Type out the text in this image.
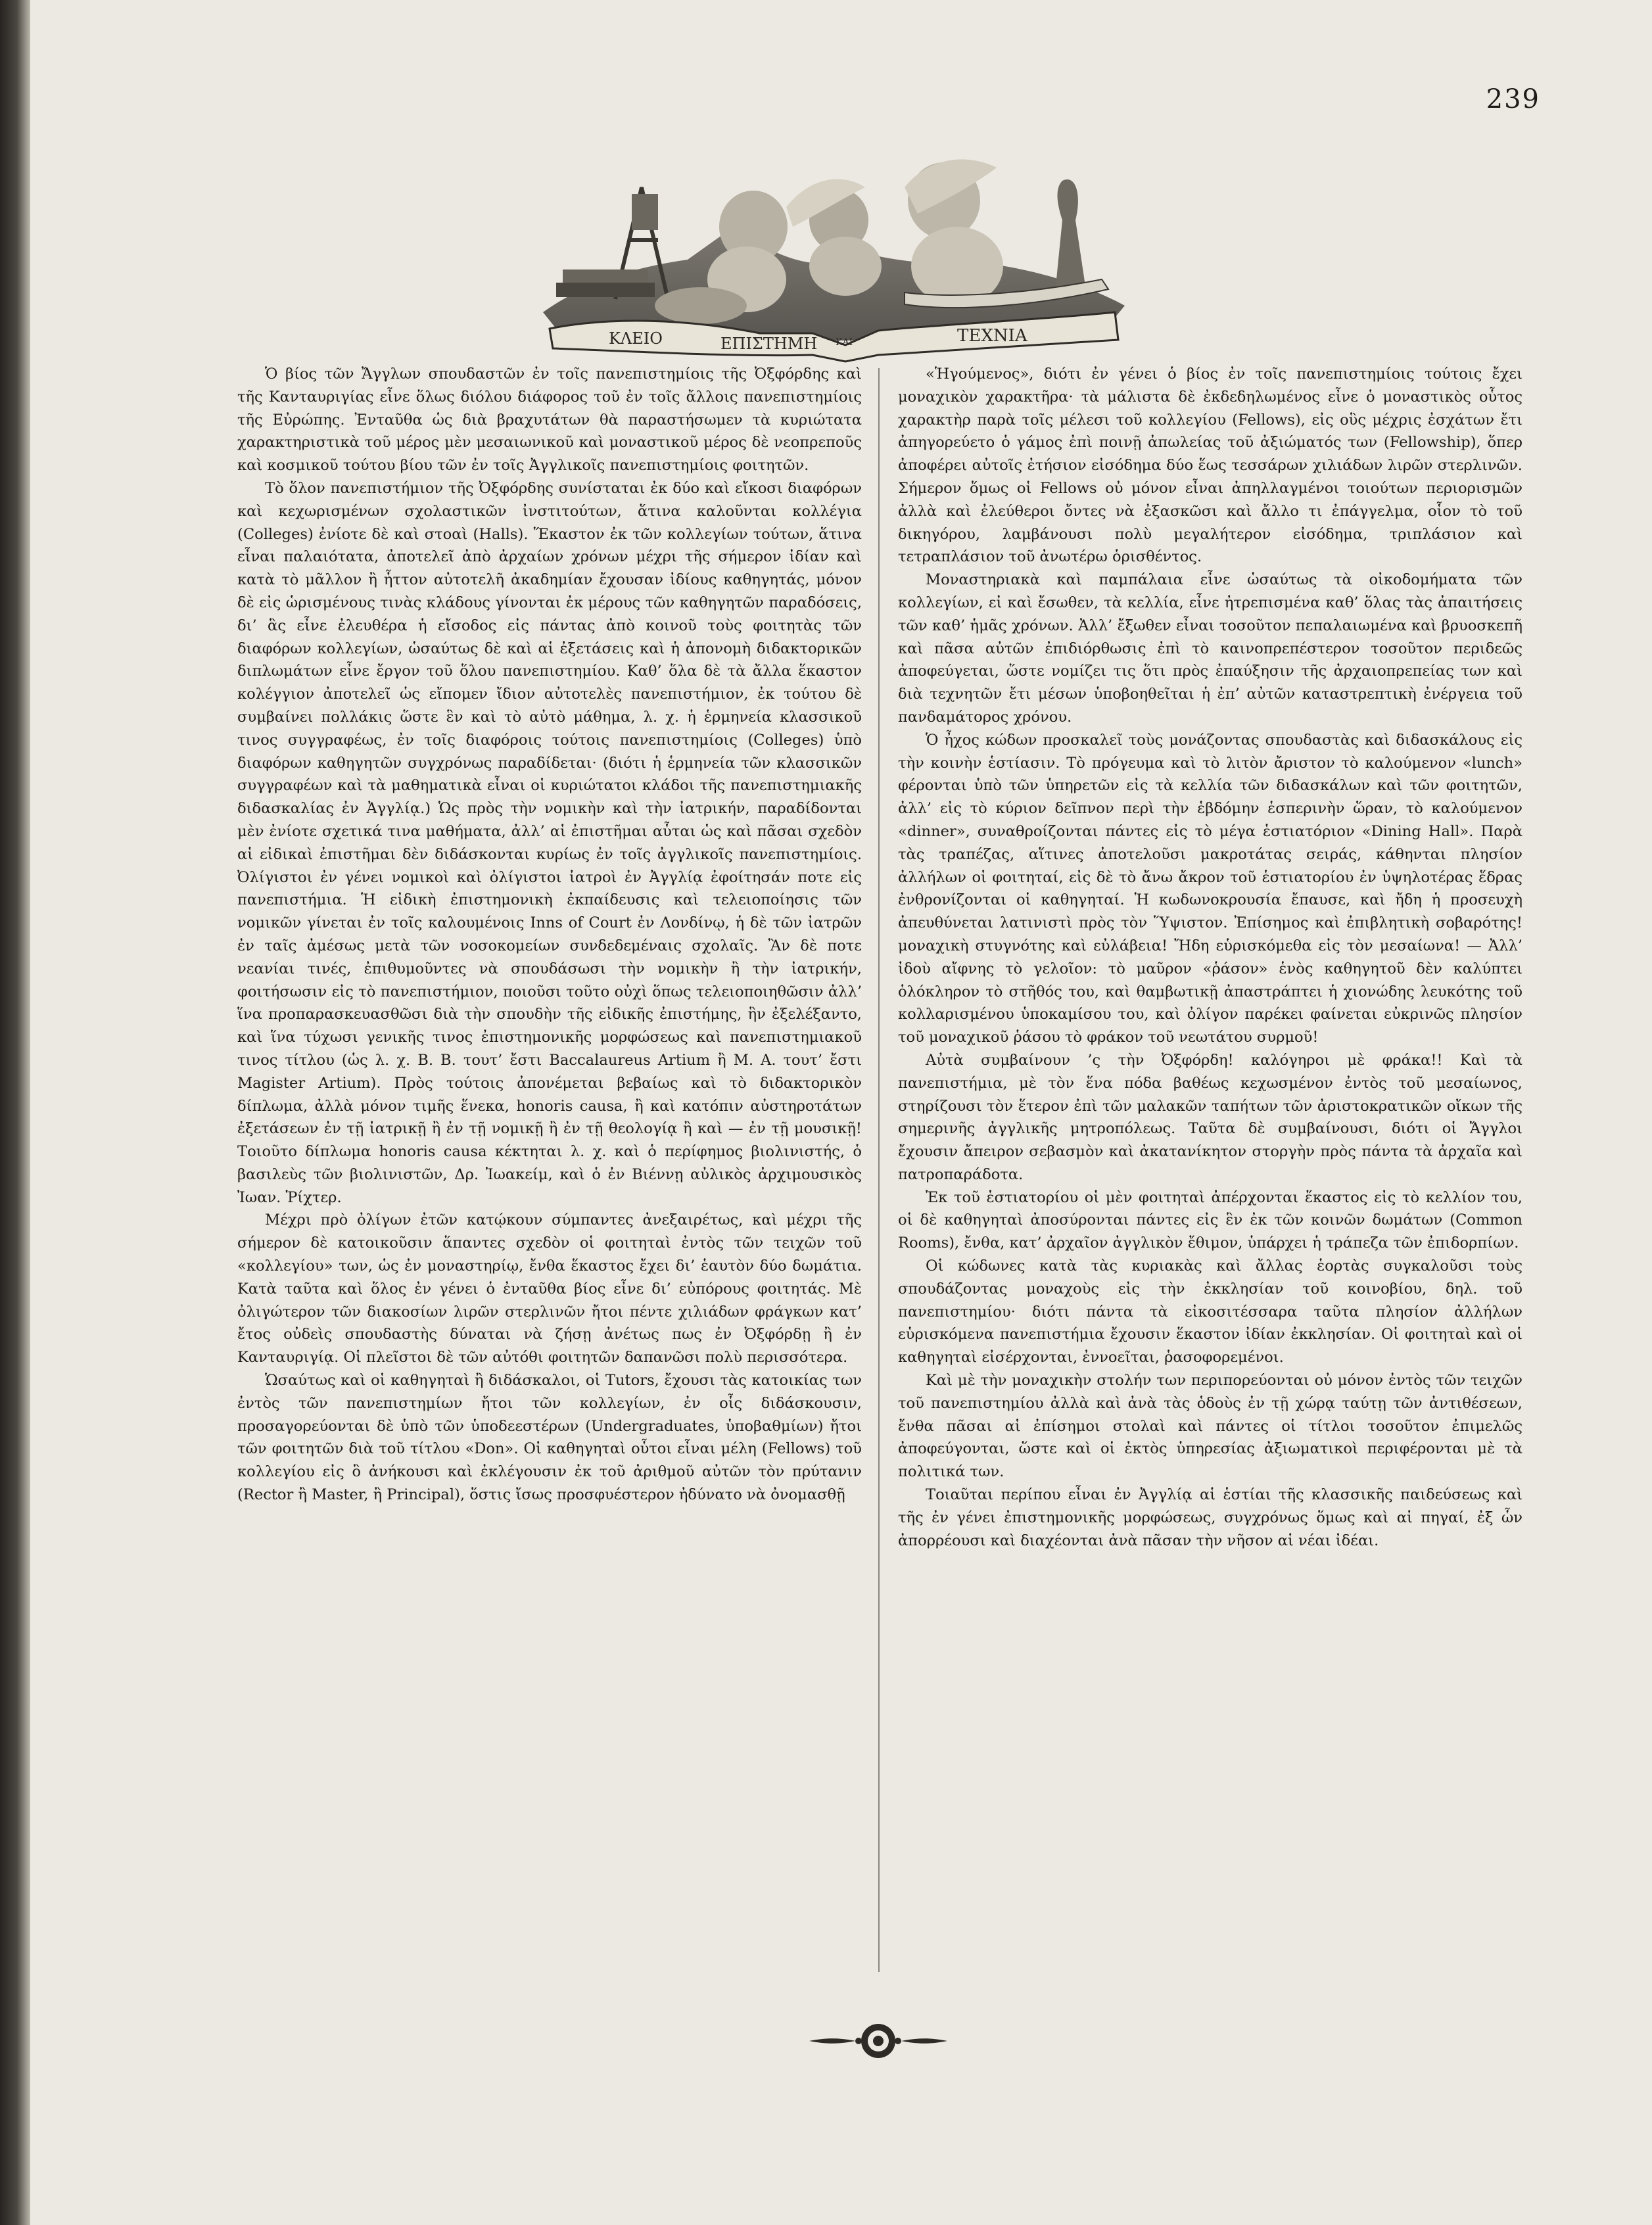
239
ΚΛΕΙΟ	ΕΠΙΣΤΗΜΗ ΚΑΙ	ΤΕΧΝΙΑ

Ὁ βίος τῶν Ἄγγλων σπουδαστῶν ἐν τοῖς πανεπιστημίοις τῆς Ὀξφόρδης καὶ τῆς Κανταυριγίας εἶνε ὅλως διόλου διάφορος τοῦ ἐν τοῖς ἄλλοις πανεπιστημίοις τῆς Εὐρώπης. Ἐνταῦθα ὡς διὰ βραχυτάτων θὰ παραστήσωμεν τὰ κυριώτατα χαρακτηριστικὰ τοῦ μέρος μὲν μεσαιωνικοῦ καὶ μοναστικοῦ μέρος δὲ νεοπρεποῦς καὶ κοσμικοῦ τούτου βίου τῶν ἐν τοῖς Ἀγγλικοῖς πανεπιστημίοις φοιτητῶν.

Τὸ ὅλον πανεπιστήμιον τῆς Ὀξφόρδης συνίσταται ἐκ δύο καὶ εἴκοσι διαφόρων καὶ κεχωρισμένων σχολαστικῶν ἰνστιτούτων, ἅτινα καλοῦνται κολλέγια (Colleges) ἐνίοτε δὲ καὶ στοαὶ (Halls). Ἕκαστον ἐκ τῶν κολλεγίων τούτων, ἅτινα εἶναι παλαιότατα, ἀποτελεῖ ἀπὸ ἀρχαίων χρόνων μέχρι τῆς σήμερον ἰδίαν καὶ κατὰ τὸ μᾶλλον ἢ ἧττον αὐτοτελῆ ἀκαδημίαν ἔχουσαν ἰδίους καθηγητάς, μόνον δὲ εἰς ὡρισμένους τινὰς κλάδους γίνονται ἐκ μέρους τῶν καθηγητῶν παραδόσεις, δι’ ἃς εἶνε ἐλευθέρα ἡ εἴσοδος εἰς πάντας ἀπὸ κοινοῦ τοὺς φοιτητὰς τῶν διαφόρων κολλεγίων, ὡσαύτως δὲ καὶ αἱ ἐξετάσεις καὶ ἡ ἀπονομὴ διδακτορικῶν διπλωμάτων εἶνε ἔργον τοῦ ὅλου πανεπιστημίου. Καθ’ ὅλα δὲ τὰ ἄλλα ἕκαστον κολέγγιον ἀποτελεῖ ὡς εἴπομεν ἴδιον αὐτοτελὲς πανεπιστήμιον, ἐκ τούτου δὲ συμβαίνει πολλάκις ὥστε ἓν καὶ τὸ αὐτὸ μάθημα, λ. χ. ἡ ἑρμηνεία κλασσικοῦ τινος συγγραφέως, ἐν τοῖς διαφόροις τούτοις πανεπιστημίοις (Colleges) ὑπὸ διαφόρων καθηγητῶν συγχρόνως παραδίδεται· (διότι ἡ ἑρμηνεία τῶν κλασσικῶν συγγραφέων καὶ τὰ μαθηματικὰ εἶναι οἱ κυριώτατοι κλάδοι τῆς πανεπιστημιακῆς διδασκαλίας ἐν Ἀγγλίᾳ.) Ὡς πρὸς τὴν νομικὴν καὶ τὴν ἰατρικήν, παραδίδονται μὲν ἐνίοτε σχετικά τινα μαθήματα, ἀλλ’ αἱ ἐπιστῆμαι αὗται ὡς καὶ πᾶσαι σχεδὸν αἱ εἰδικαὶ ἐπιστῆμαι δὲν διδάσκονται κυρίως ἐν τοῖς ἀγγλικοῖς πανεπιστημίοις. Ὀλίγιστοι ἐν γένει νομικοὶ καὶ ὀλίγιστοι ἰατροὶ ἐν Ἀγγλίᾳ ἐφοίτησάν ποτε εἰς πανεπιστήμια. Ἡ εἰδικὴ ἐπιστημονικὴ ἐκπαίδευσις καὶ τελειοποίησις τῶν νομικῶν γίνεται ἐν τοῖς καλουμένοις Inns of Court ἐν Λονδίνῳ, ἡ δὲ τῶν ἰατρῶν ἐν ταῖς ἀμέσως μετὰ τῶν νοσοκομείων συνδεδεμέναις σχολαῖς. Ἂν δὲ ποτε νεανίαι τινές, ἐπιθυμοῦντες νὰ σπουδάσωσι τὴν νομικὴν ἢ τὴν ἰατρικήν, φοιτήσωσιν εἰς τὸ πανεπιστήμιον, ποιοῦσι τοῦτο οὐχὶ ὅπως τελειοποιηθῶσιν ἀλλ’ ἵνα προπαρασκευασθῶσι διὰ τὴν σπουδὴν τῆς εἰδικῆς ἐπιστήμης, ἣν ἐξελέξαντο, καὶ ἵνα τύχωσι γενικῆς τινος ἐπιστημονικῆς μορφώσεως καὶ πανεπιστημιακοῦ τινος τίτλου (ὡς λ. χ. B. B. τουτ’ ἔστι Baccalaureus Artium ἢ M. A. τουτ’ ἔστι Magister Artium). Πρὸς τούτοις ἀπονέμεται βεβαίως καὶ τὸ διδακτορικὸν δίπλωμα, ἀλλὰ μόνον τιμῆς ἕνεκα, honoris causa, ἢ καὶ κατόπιν αὐστηροτάτων ἐξετάσεων ἐν τῇ ἰατρικῇ ἢ ἐν τῇ νομικῇ ἢ ἐν τῇ θεολογίᾳ ἢ καὶ — ἐν τῇ μουσικῇ! Τοιοῦτο δίπλωμα honoris causa κέκτηται λ. χ. καὶ ὁ περίφημος βιολινιστής, ὁ βασιλεὺς τῶν βιολινιστῶν, Δρ. Ἰωακείμ, καὶ ὁ ἐν Βιέννῃ αὐλικὸς ἀρχιμουσικὸς Ἰωαν. Ῥίχτερ.

Μέχρι πρὸ ὀλίγων ἐτῶν κατῴκουν σύμπαντες ἀνεξαιρέτως, καὶ μέχρι τῆς σήμερον δὲ κατοικοῦσιν ἅπαντες σχεδὸν οἱ φοιτηταὶ ἐντὸς τῶν τειχῶν τοῦ «κολλεγίου» των, ὡς ἐν μοναστηρίῳ, ἔνθα ἕκαστος ἔχει δι’ ἑαυτὸν δύο δωμάτια. Κατὰ ταῦτα καὶ ὅλος ἐν γένει ὁ ἐνταῦθα βίος εἶνε δι’ εὐπόρους φοιτητάς. Μὲ ὀλιγώτερον τῶν διακοσίων λιρῶν στερλινῶν ἤτοι πέντε χιλιάδων φράγκων κατ’ ἔτος οὐδεὶς σπουδαστὴς δύναται νὰ ζήσῃ ἀνέτως πως ἐν Ὀξφόρδῃ ἢ ἐν Κανταυριγίᾳ. Οἱ πλεῖστοι δὲ τῶν αὐτόθι φοιτητῶν δαπανῶσι πολὺ περισσότερα.

Ὡσαύτως καὶ οἱ καθηγηταὶ ἢ διδάσκαλοι, οἱ Tutors, ἔχουσι τὰς κατοικίας των ἐντὸς τῶν πανεπιστημίων ἤτοι τῶν κολλεγίων, ἐν οἷς διδάσκουσιν, προσαγορεύονται δὲ ὑπὸ τῶν ὑποδεεστέρων (Undergraduates, ὑποβαθμίων) ἤτοι τῶν φοιτητῶν διὰ τοῦ τίτλου «Don». Οἱ καθηγηταὶ οὗτοι εἶναι μέλη (Fellows) τοῦ κολλεγίου εἰς ὃ ἀνήκουσι καὶ ἐκλέγουσιν ἐκ τοῦ ἀριθμοῦ αὐτῶν τὸν πρύτανιν (Rector ἢ Master, ἢ Principal), ὅστις ἴσως προσφυέστερον ἠδύνατο νὰ ὀνομασθῇ

«Ἡγούμενος», διότι ἐν γένει ὁ βίος ἐν τοῖς πανεπιστημίοις τούτοις ἔχει μοναχικὸν χαρακτῆρα· τὰ μάλιστα δὲ ἐκδεδηλωμένος εἶνε ὁ μοναστικὸς οὗτος χαρακτὴρ παρὰ τοῖς μέλεσι τοῦ κολλεγίου (Fellows), εἰς οὓς μέχρις ἐσχάτων ἔτι ἀπηγορεύετο ὁ γάμος ἐπὶ ποινῇ ἀπωλείας τοῦ ἀξιώματός των (Fellowship), ὅπερ ἀποφέρει αὐτοῖς ἐτήσιον εἰσόδημα δύο ἕως τεσσάρων χιλιάδων λιρῶν στερλινῶν. Σήμερον ὅμως οἱ Fellows οὐ μόνον εἶναι ἀπηλλαγμένοι τοιούτων περιορισμῶν ἀλλὰ καὶ ἐλεύθεροι ὄντες νὰ ἐξασκῶσι καὶ ἄλλο τι ἐπάγγελμα, οἷον τὸ τοῦ δικηγόρου, λαμβάνουσι πολὺ μεγαλήτερον εἰσόδημα, τριπλάσιον καὶ τετραπλάσιον τοῦ ἀνωτέρω ὁρισθέντος.

Μοναστηριακὰ καὶ παμπάλαια εἶνε ὡσαύτως τὰ οἰκοδομήματα τῶν κολλεγίων, εἰ καὶ ἔσωθεν, τὰ κελλία, εἶνε ἠτρεπισμένα καθ’ ὅλας τὰς ἀπαιτήσεις τῶν καθ’ ἡμᾶς χρόνων. Ἀλλ’ ἔξωθεν εἶναι τοσοῦτον πεπαλαιωμένα καὶ βρυοσκεπῆ καὶ πᾶσα αὐτῶν ἐπιδιόρθωσις ἐπὶ τὸ καινοπρεπέστερον τοσοῦτον περιδεῶς ἀποφεύγεται, ὥστε νομίζει τις ὅτι πρὸς ἐπαύξησιν τῆς ἀρχαιοπρεπείας των καὶ διὰ τεχνητῶν ἔτι μέσων ὑποβοηθεῖται ἡ ἐπ’ αὐτῶν καταστρεπτικὴ ἐνέργεια τοῦ πανδαμάτορος χρόνου.

Ὁ ἦχος κώδων προσκαλεῖ τοὺς μονάζοντας σπουδαστὰς καὶ διδασκάλους εἰς τὴν κοινὴν ἑστίασιν. Τὸ πρόγευμα καὶ τὸ λιτὸν ἄριστον τὸ καλούμενον «lunch» φέρονται ὑπὸ τῶν ὑπηρετῶν εἰς τὰ κελλία τῶν διδασκάλων καὶ τῶν φοιτητῶν, ἀλλ’ εἰς τὸ κύριον δεῖπνον περὶ τὴν ἑβδόμην ἑσπερινὴν ὥραν, τὸ καλούμενον «dinner», συναθροίζονται πάντες εἰς τὸ μέγα ἑστιατόριον «Dining Hall». Παρὰ τὰς τραπέζας, αἵτινες ἀποτελοῦσι μακροτάτας σειράς, κάθηνται πλησίον ἀλλήλων οἱ φοιτηταί, εἰς δὲ τὸ ἄνω ἄκρον τοῦ ἑστιατορίου ἐν ὑψηλοτέρας ἕδρας ἐνθρονίζονται οἱ καθηγηταί. Ἡ κωδωνοκρουσία ἔπαυσε, καὶ ἤδη ἡ προσευχὴ ἀπευθύνεται λατινιστὶ πρὸς τὸν Ὕψιστον. Ἐπίσημος καὶ ἐπιβλητικὴ σοβαρότης! μοναχικὴ στυγνότης καὶ εὐλάβεια! Ἤδη εὑρισκόμεθα εἰς τὸν μεσαίωνα! — Ἀλλ’ ἰδοὺ αἴφνης τὸ γελοῖον: τὸ μαῦρον «ῥάσον» ἑνὸς καθηγητοῦ δὲν καλύπτει ὁλόκληρον τὸ στῆθός του, καὶ θαμβωτικῇ ἀπαστράπτει ἡ χιονώδης λευκότης τοῦ κολλαρισμένου ὑποκαμίσου του, καὶ ὀλίγον παρέκει φαίνεται εὐκρινῶς πλησίον τοῦ μοναχικοῦ ῥάσου τὸ φράκον τοῦ νεωτάτου συρμοῦ!

Αὐτὰ συμβαίνουν ’ς τὴν Ὀξφόρδη! καλόγηροι μὲ φράκα!! Καὶ τὰ πανεπιστήμια, μὲ τὸν ἕνα πόδα βαθέως κεχωσμένον ἐντὸς τοῦ μεσαίωνος, στηρίζουσι τὸν ἕτερον ἐπὶ τῶν μαλακῶν ταπήτων τῶν ἀριστοκρατικῶν οἴκων τῆς σημερινῆς ἀγγλικῆς μητροπόλεως. Ταῦτα δὲ συμβαίνουσι, διότι οἱ Ἄγγλοι ἔχουσιν ἄπειρον σεβασμὸν καὶ ἀκατανίκητον στοργὴν πρὸς πάντα τὰ ἀρχαῖα καὶ πατροπαράδοτα.

Ἐκ τοῦ ἑστιατορίου οἱ μὲν φοιτηταὶ ἀπέρχονται ἕκαστος εἰς τὸ κελλίον του, οἱ δὲ καθηγηταὶ ἀποσύρονται πάντες εἰς ἓν ἐκ τῶν κοινῶν δωμάτων (Common Rooms), ἔνθα, κατ’ ἀρχαῖον ἀγγλικὸν ἔθιμον, ὑπάρχει ἡ τράπεζα τῶν ἐπιδορπίων.

Οἱ κώδωνες κατὰ τὰς κυριακὰς καὶ ἄλλας ἑορτὰς συγκαλοῦσι τοὺς σπουδάζοντας μοναχοὺς εἰς τὴν ἐκκλησίαν τοῦ κοινοβίου, δηλ. τοῦ πανεπιστημίου· διότι πάντα τὰ εἰκοσιτέσσαρα ταῦτα πλησίον ἀλλήλων εὑρισκόμενα πανεπιστήμια ἔχουσιν ἕκαστον ἰδίαν ἐκκλησίαν. Οἱ φοιτηταὶ καὶ οἱ καθηγηταὶ εἰσέρχονται, ἐννοεῖται, ῥασοφορεμένοι.

Καὶ μὲ τὴν μοναχικὴν στολήν των περιπορεύονται οὐ μόνον ἐντὸς τῶν τειχῶν τοῦ πανεπιστημίου ἀλλὰ καὶ ἀνὰ τὰς ὁδοὺς ἐν τῇ χώρᾳ ταύτῃ τῶν ἀντιθέσεων, ἔνθα πᾶσαι αἱ ἐπίσημοι στολαὶ καὶ πάντες οἱ τίτλοι τοσοῦτον ἐπιμελῶς ἀποφεύγονται, ὥστε καὶ οἱ ἐκτὸς ὑπηρεσίας ἀξιωματικοὶ περιφέρονται μὲ τὰ πολιτικά των.

Τοιαῦται περίπου εἶναι ἐν Ἀγγλίᾳ αἱ ἑστίαι τῆς κλασσικῆς παιδεύσεως καὶ τῆς ἐν γένει ἐπιστημονικῆς μορφώσεως, συγχρόνως ὅμως καὶ αἱ πηγαί, ἐξ ὧν ἀπορρέουσι καὶ διαχέονται ἀνὰ πᾶσαν τὴν νῆσον αἱ νέαι ἰδέαι.
